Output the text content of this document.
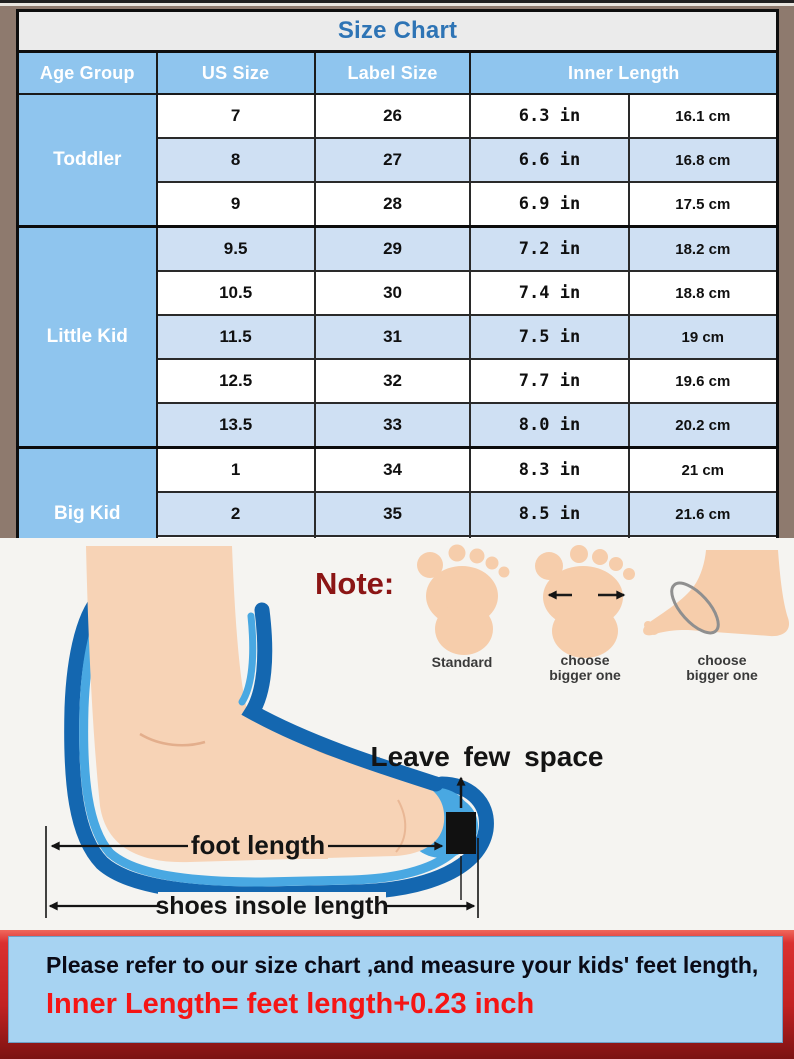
Size Chart				
Age Group	US Size	Label Size	Inner Length	
Toddler	7	26	6.3 in	16.1 cm
	8	27	6.6 in	16.8 cm
	9	28	6.9 in	17.5 cm
Little Kid	9.5	29	7.2 in	18.2 cm
	10.5	30	7.4 in	18.8 cm
	11.5	31	7.5 in	19 cm
	12.5	32	7.7 in	19.6 cm
	13.5	33	8.0 in	20.2 cm
Big Kid	1	34	8.3 in	21 cm
	2	35	8.5 in	21.6 cm

Note:
Standard	choose
bigger one
choose
bigger one
Leave few space
foot length
shoes insole length
Please refer to our size chart ,and measure your kids' feet length,
Inner Length= feet length+0.23 inch
